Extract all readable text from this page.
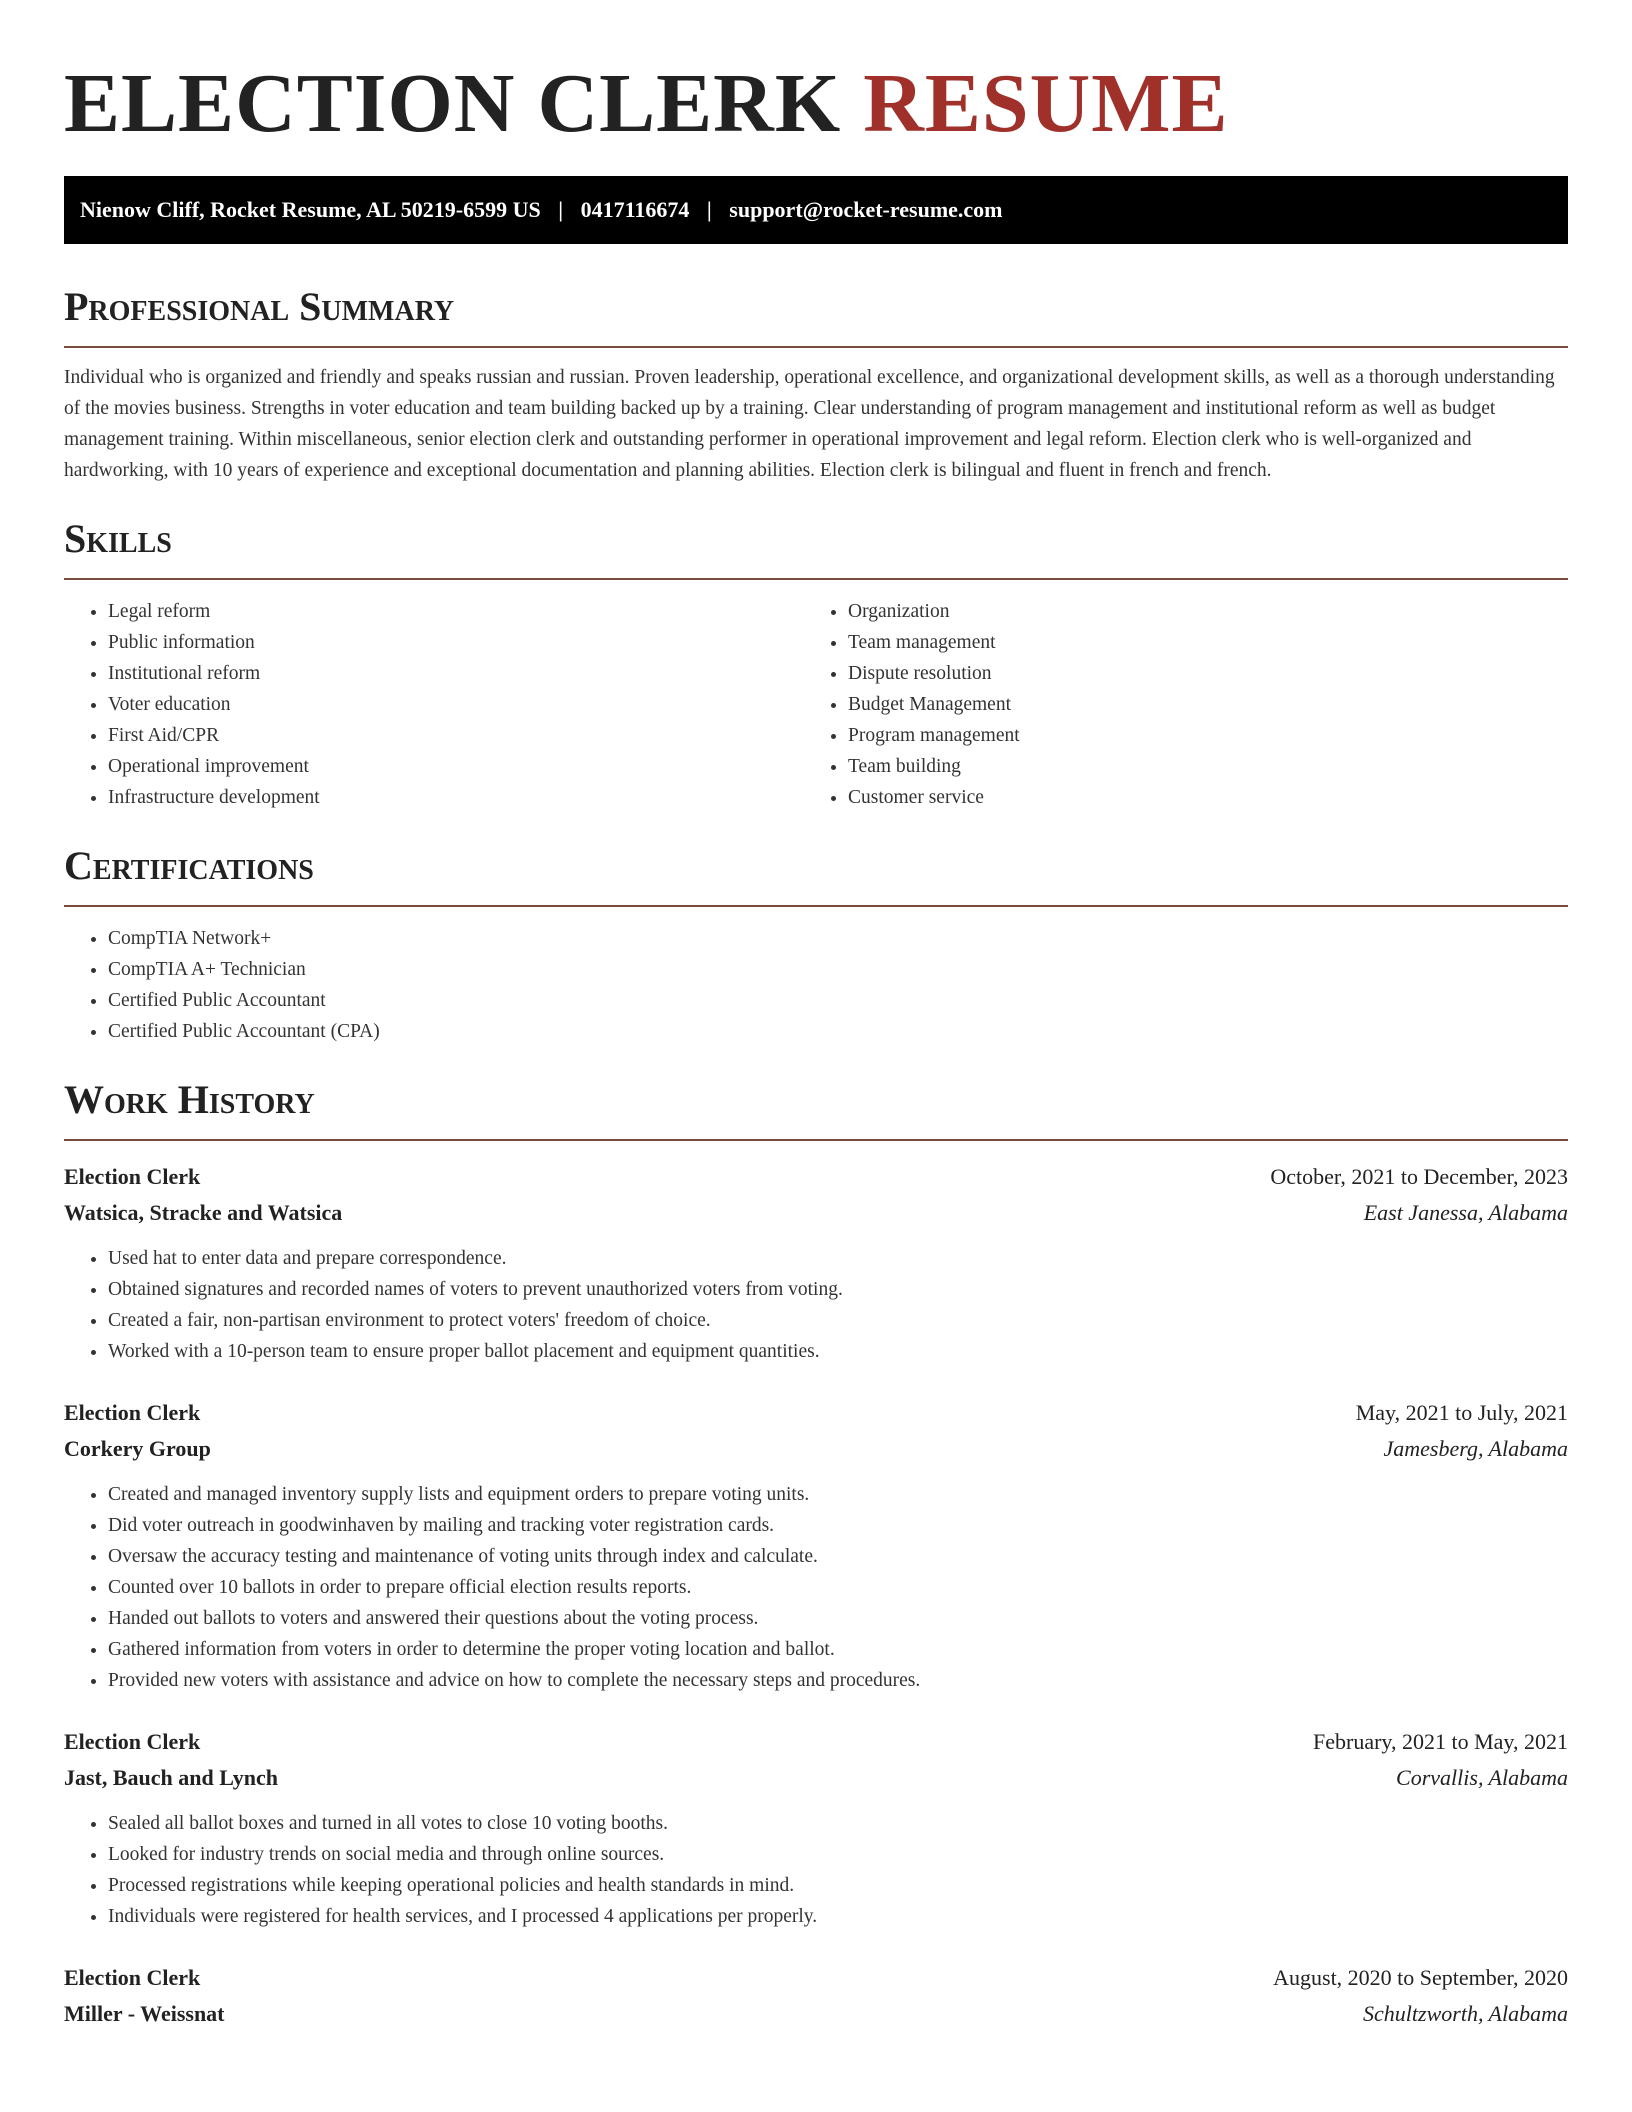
ELECTION CLERK RESUME
Nienow Cliff, Rocket Resume, AL 50219-6599 US | 0417116674 | support@rocket-resume.com
Professional Summary

Individual who is organized and friendly and speaks russian and russian. Proven leadership, operational excellence, and organizational development skills, as well as a thorough understanding of the movies business. Strengths in voter education and team building backed up by a training. Clear understanding of program management and institutional reform as well as budget management training. Within miscellaneous, senior election clerk and outstanding performer in operational improvement and legal reform. Election clerk who is well-organized and hardworking, with 10 years of experience and exceptional documentation and planning abilities. Election clerk is bilingual and fluent in french and french.

Skills
• Legal reform
• Public information
• Institutional reform
• Voter education
• First Aid/CPR
• Operational improvement
• Infrastructure development
• Organization
• Team management
• Dispute resolution
• Budget Management
• Program management
• Team building
• Customer service
Certifications
• CompTIA Network+
• CompTIA A+ Technician
• Certified Public Accountant
• Certified Public Accountant (CPA)
Work History
Election Clerk	October, 2021 to December, 2023
Watsica, Stracke and Watsica	East Janessa, Alabama
• Used hat to enter data and prepare correspondence.
• Obtained signatures and recorded names of voters to prevent unauthorized voters from voting.
• Created a fair, non-partisan environment to protect voters' freedom of choice.
• Worked with a 10-person team to ensure proper ballot placement and equipment quantities.
Election Clerk	May, 2021 to July, 2021
Corkery Group	Jamesberg, Alabama
• Created and managed inventory supply lists and equipment orders to prepare voting units.
• Did voter outreach in goodwinhaven by mailing and tracking voter registration cards.
• Oversaw the accuracy testing and maintenance of voting units through index and calculate.
• Counted over 10 ballots in order to prepare official election results reports.
• Handed out ballots to voters and answered their questions about the voting process.
• Gathered information from voters in order to determine the proper voting location and ballot.
• Provided new voters with assistance and advice on how to complete the necessary steps and procedures.
Election Clerk	February, 2021 to May, 2021
Jast, Bauch and Lynch	Corvallis, Alabama
• Sealed all ballot boxes and turned in all votes to close 10 voting booths.
• Looked for industry trends on social media and through online sources.
• Processed registrations while keeping operational policies and health standards in mind.
• Individuals were registered for health services, and I processed 4 applications per properly.
Election Clerk	August, 2020 to September, 2020
Miller - Weissnat	Schultzworth, Alabama
